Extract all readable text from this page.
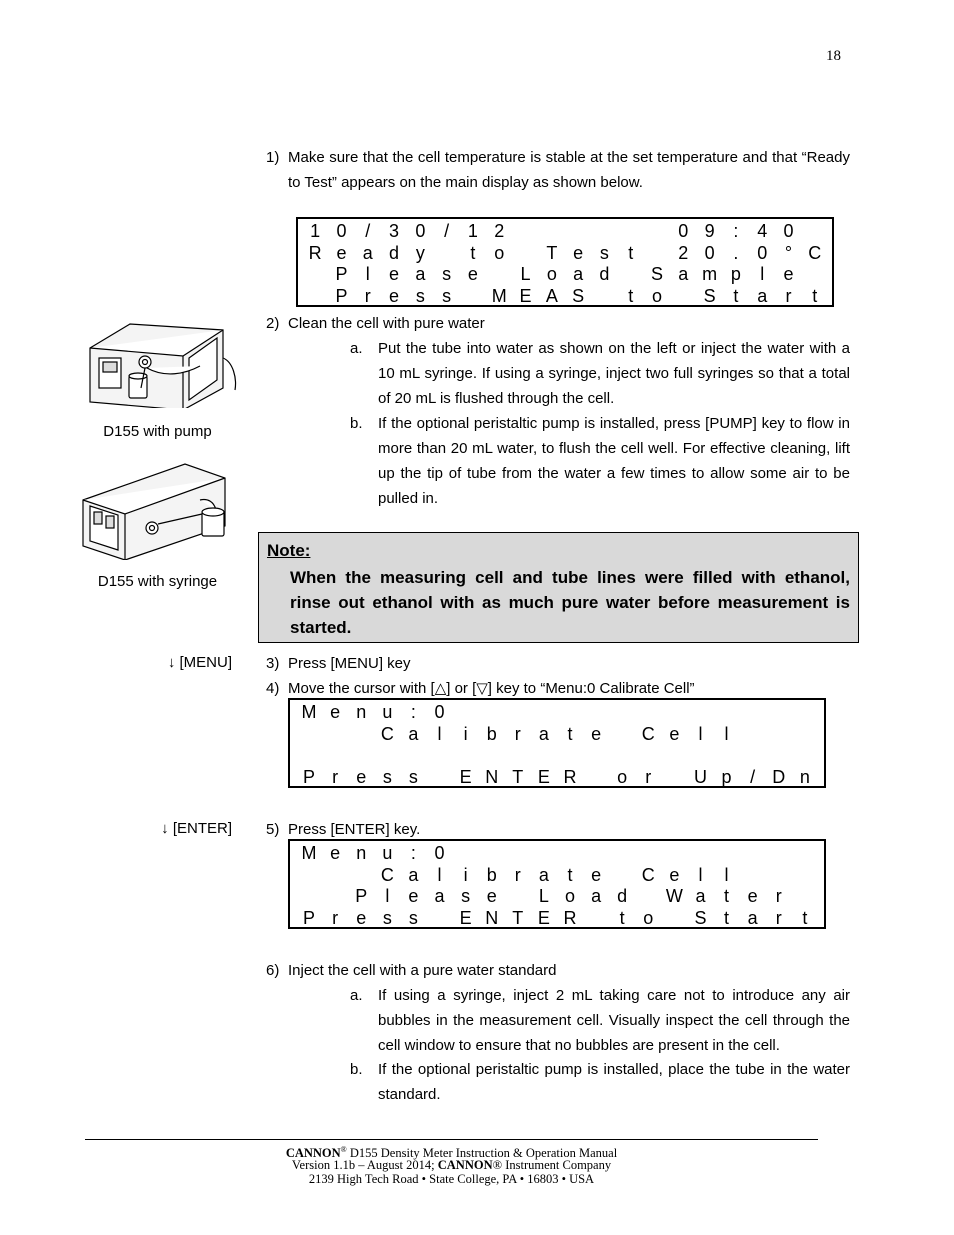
18
1) Make sure that the cell temperature is stable at the set temperature and that “Ready to Test” appears on the main display as shown below.
1 0	/	3 0	/	1 2

	0 9	:	4 0

R e a d y
	t	o
	T e s	t
	2 0	.	0 ° C

P	l	e a s e
	L o a d
	S a m p	l	e

P r	e s s
	M E A S
	t	o
	S t	a	r	t
2) Clean the cell with pure water
a. Put the tube into water as shown on the left or inject the water with a 10 mL syringe. If using a syringe, inject two full syringes so that a total of 20 mL is flushed through the cell.
b. If the optional peristaltic pump is installed, press [PUMP] key to flow in more than 20 mL water, to flush the cell well. For effective cleaning, lift up the tip of tube from the water a few times to allow some air to be pulled in.
D155 with pump
D155 with syringe
Note:
When the measuring cell and tube lines were filled with ethanol, rinse out ethanol with as much pure water before measurement is started.
↓ [MENU] 3) Press [MENU] key
4) Move the cursor with [△] or [▽] key to “Menu:0 Calibrate Cell”
M e n u	:	0

C a	l	i	b	r	a	t	e
	C e	l	l

P r	e s s
	E N T E R
	o	r
	U p	/ D n
↓ [ENTER] 5) Press [ENTER] key.
M e n u	:	0

C a	l	i	b	r	a	t	e
	C e	l	l

P	l	e a s e
	L o a d
	W a	t	e	r

P r	e s s
	E N T E R
	t	o
	S t	a	r	t
6) Inject the cell with a pure water standard
a. If using a syringe, inject 2 mL taking care not to introduce any air bubbles in the measurement cell. Visually inspect the cell through the cell window to ensure that no bubbles are present in the cell.
b. If the optional peristaltic pump is installed, place the tube in the water standard.
CANNON® D155 Density Meter Instruction & Operation Manual
Version 1.1b – August 2014; CANNON® Instrument Company
2139 High Tech Road • State College, PA • 16803 • USA
